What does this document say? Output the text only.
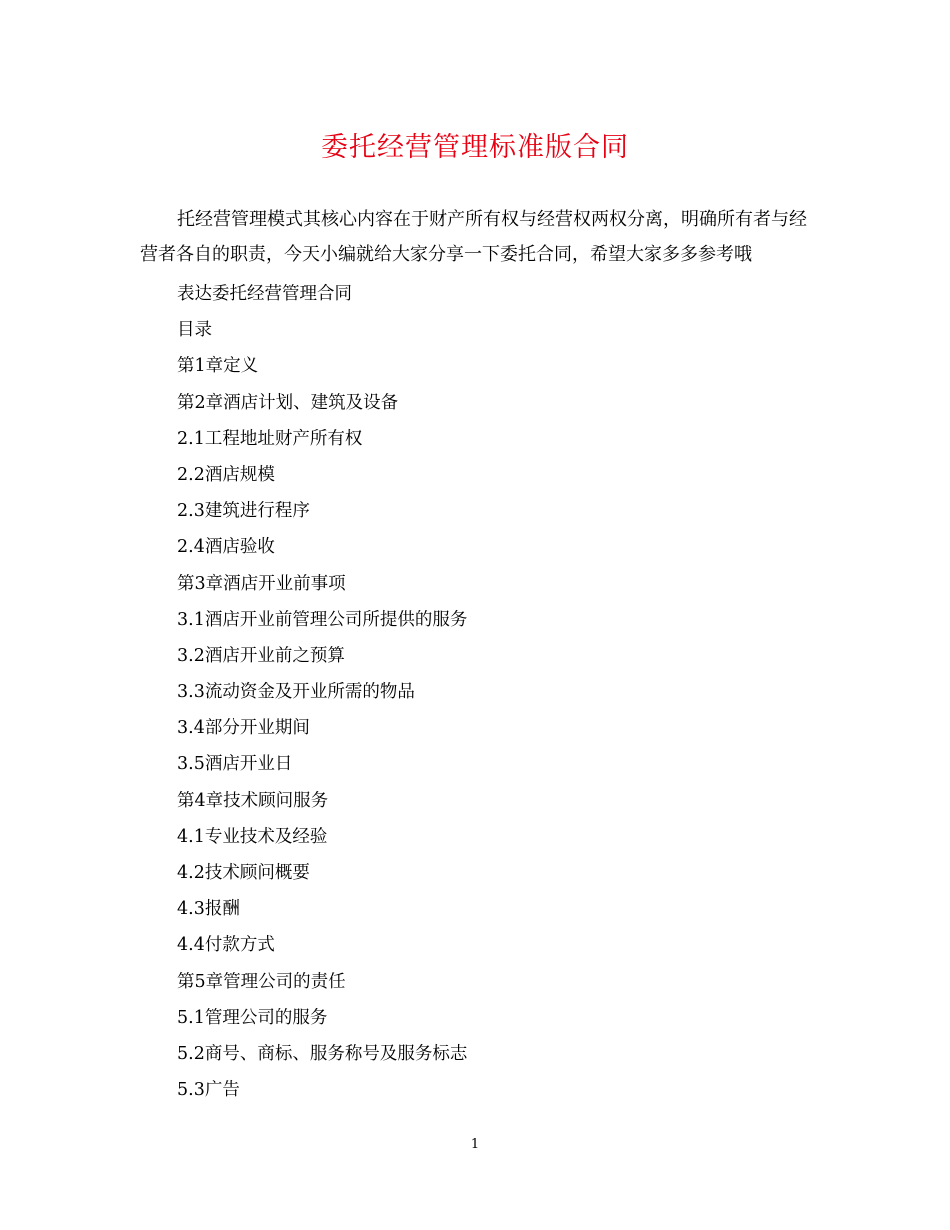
委托经营管理标准版合同

托经营管理模式其核心内容在于财产所有权与经营权两权分离，明确所有者与经营者各自的职责，今天小编就给大家分享一下委托合同，希望大家多多参考哦

表达委托经营管理合同
目录
第1章定义
第2章酒店计划、建筑及设备
2.1工程地址财产所有权
2.2酒店规模
2.3建筑进行程序
2.4酒店验收
第3章酒店开业前事项
3.1酒店开业前管理公司所提供的服务
3.2酒店开业前之预算
3.3流动资金及开业所需的物品
3.4部分开业期间
3.5酒店开业日
第4章技术顾问服务
4.1专业技术及经验
4.2技术顾问概要
4.3报酬
4.4付款方式
第5章管理公司的责任
5.1管理公司的服务
5.2商号、商标、服务称号及服务标志
5.3广告
1
